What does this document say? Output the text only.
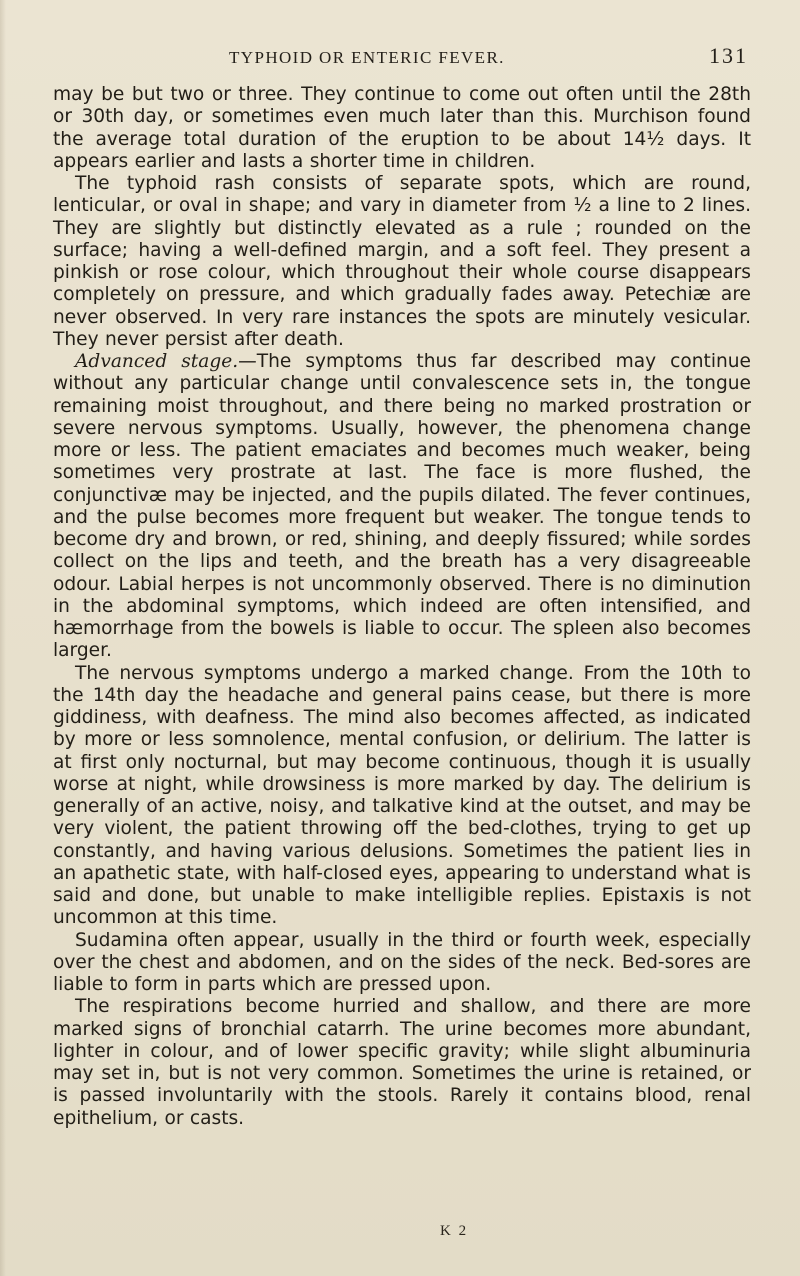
TYPHOID OR ENTERIC FEVER.	131

may be but two or three. They continue to come out often until the 28th or 30th day, or sometimes even much later than this. Murchison found the average total duration of the eruption to be about 14½ days. It appears earlier and lasts a shorter time in children.

The typhoid rash consists of separate spots, which are round, lenticular, or oval in shape; and vary in diameter from ½ a line to 2 lines. They are slightly but distinctly elevated as a rule ; rounded on the surface; having a well-defined margin, and a soft feel. They present a pinkish or rose colour, which throughout their whole course disappears completely on pressure, and which gradually fades away. Petechiæ are never observed. In very rare instances the spots are minutely vesicular. They never persist after death.

Advanced stage.—The symptoms thus far described may continue without any particular change until convalescence sets in, the tongue remaining moist throughout, and there being no marked prostration or severe nervous symptoms. Usually, however, the phenomena change more or less. The patient emaciates and becomes much weaker, being sometimes very prostrate at last. The face is more flushed, the conjunctivæ may be injected, and the pupils dilated. The fever continues, and the pulse becomes more frequent but weaker. The tongue tends to become dry and brown, or red, shining, and deeply fissured; while sordes collect on the lips and teeth, and the breath has a very disagreeable odour. Labial herpes is not uncommonly observed. There is no diminution in the abdominal symptoms, which indeed are often intensified, and hæmorrhage from the bowels is liable to occur. The spleen also becomes larger.

The nervous symptoms undergo a marked change. From the 10th to the 14th day the headache and general pains cease, but there is more giddiness, with deafness. The mind also becomes affected, as indicated by more or less somnolence, mental confusion, or delirium. The latter is at first only nocturnal, but may become continuous, though it is usually worse at night, while drowsiness is more marked by day. The delirium is generally of an active, noisy, and talkative kind at the outset, and may be very violent, the patient throwing off the bed-clothes, trying to get up constantly, and having various delusions. Sometimes the patient lies in an apathetic state, with half-closed eyes, appearing to understand what is said and done, but unable to make intelligible replies. Epistaxis is not uncommon at this time.

Sudamina often appear, usually in the third or fourth week, especially over the chest and abdomen, and on the sides of the neck. Bed-sores are liable to form in parts which are pressed upon.

The respirations become hurried and shallow, and there are more marked signs of bronchial catarrh. The urine becomes more abundant, lighter in colour, and of lower specific gravity; while slight albuminuria may set in, but is not very common. Sometimes the urine is retained, or is passed involuntarily with the stools. Rarely it contains blood, renal epithelium, or casts.

K 2
